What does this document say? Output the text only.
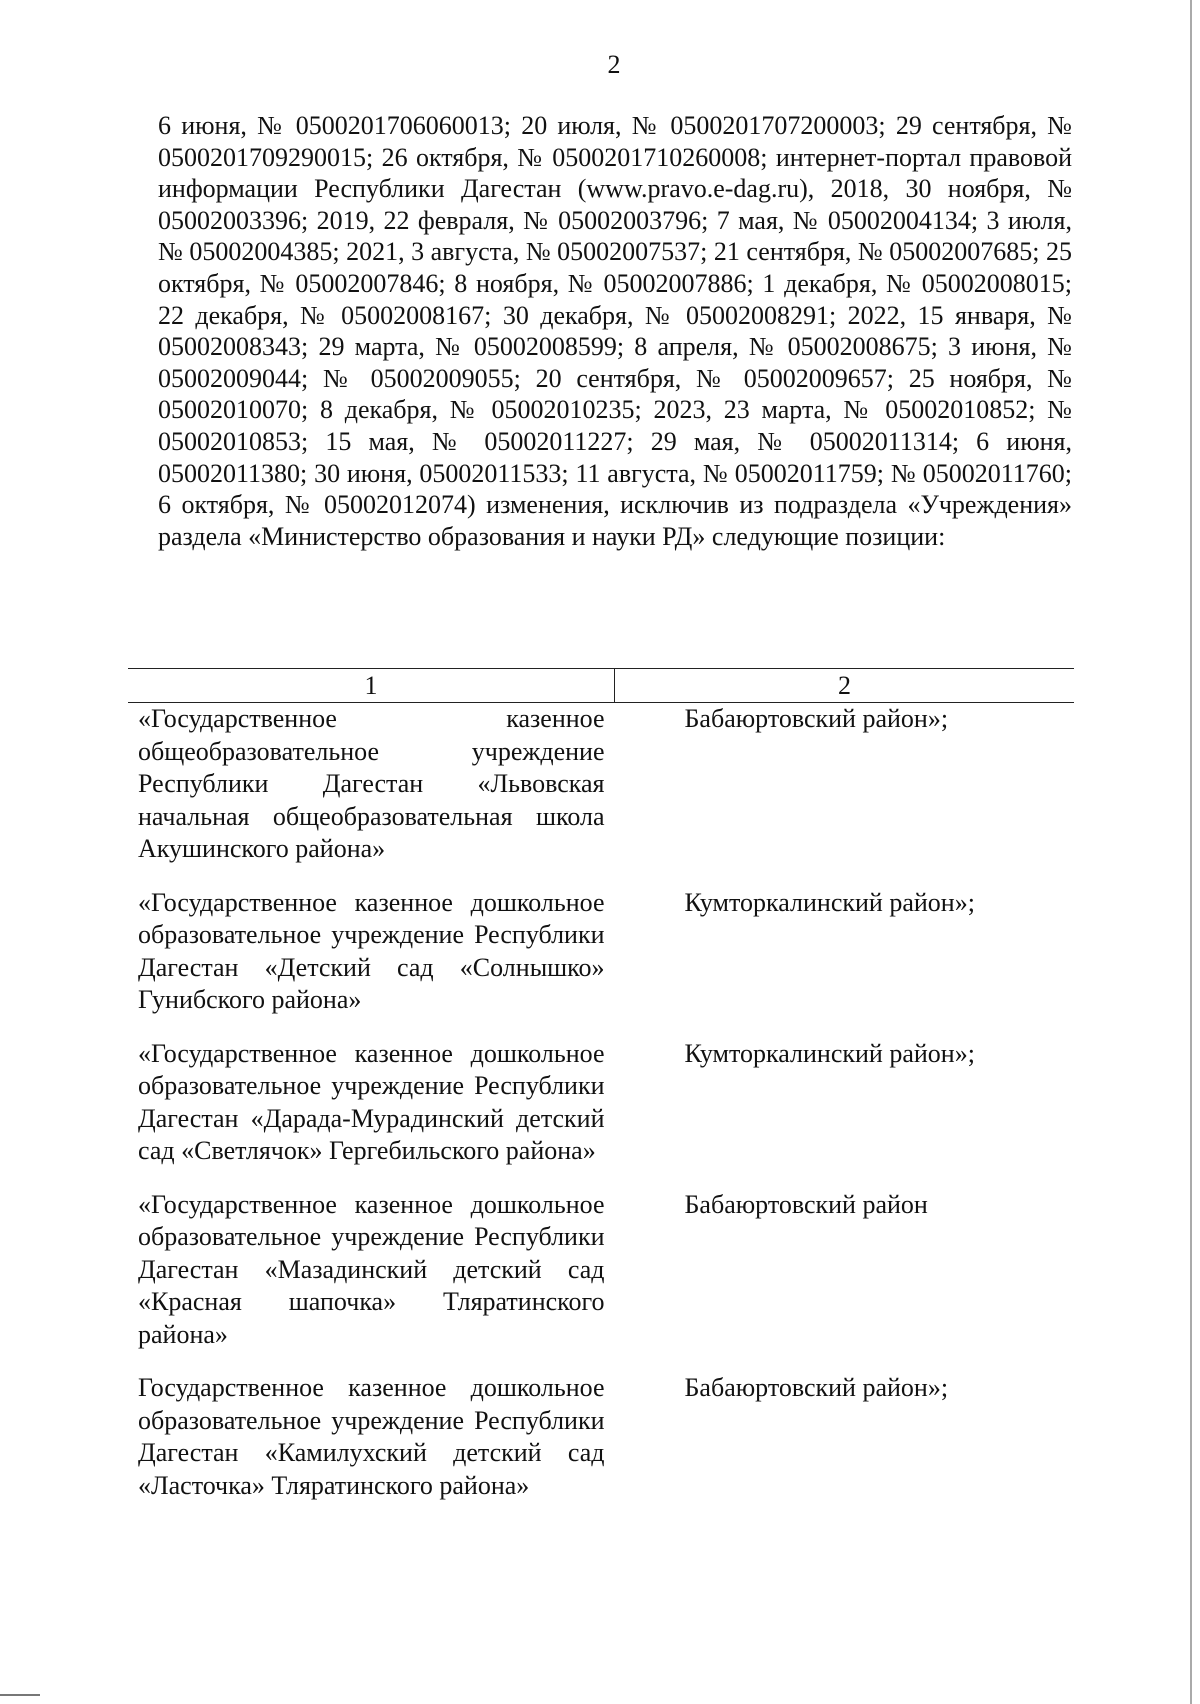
2
6 июня, № 0500201706060013; 20 июля, № 0500201707200003; 29 сентября, № 0500201709290015; 26 октября, № 0500201710260008; интернет-портал правовой информации Республики Дагестан (www.pravo.e-dag.ru), 2018, 30 ноября, № 05002003396; 2019, 22 февраля, № 05002003796; 7 мая, № 05002004134; 3 июля, № 05002004385; 2021, 3 августа, № 05002007537; 21 сентября, № 05002007685; 25 октября, № 05002007846; 8 ноября, № 05002007886; 1 декабря, № 05002008015; 22 декабря, № 05002008167; 30 декабря, № 05002008291; 2022, 15 января, № 05002008343; 29 марта, № 05002008599; 8 апреля, № 05002008675; 3 июня, № 05002009044; № 05002009055; 20 сентября, № 05002009657; 25 ноября, № 05002010070; 8 декабря, № 05002010235; 2023, 23 марта, № 05002010852; № 05002010853; 15 мая, № 05002011227; 29 мая, № 05002011314; 6 июня, 05002011380; 30 июня, 05002011533; 11 августа, № 05002011759; № 05002011760; 6 октября, № 05002012074) изменения, исключив из подраздела «Учреждения» раздела «Министерство образования и науки РД» следующие позиции:
1	2
«Государственное казенное общеобразовательное учреждение Республики Дагестан «Львовская начальная общеобразовательная школа Акушинского района»	Бабаюртовский район»;

«Государственное казенное дошкольное образовательное учреждение Республики Дагестан «Детский сад «Солнышко» Гунибского района»	Кумторкалинский район»;

«Государственное казенное дошкольное образовательное учреждение Республики Дагестан «Дарада-Мурадинский детский сад «Светлячок» Гергебильского района»	Кумторкалинский район»;

«Государственное казенное дошкольное образовательное учреждение Республики Дагестан «Мазадинский детский сад «Красная шапочка» Тляратинского района»	Бабаюртовский район

Государственное казенное дошкольное образовательное учреждение Республики Дагестан «Камилухский детский сад «Ласточка» Тляратинского района»	Бабаюртовский район»;
